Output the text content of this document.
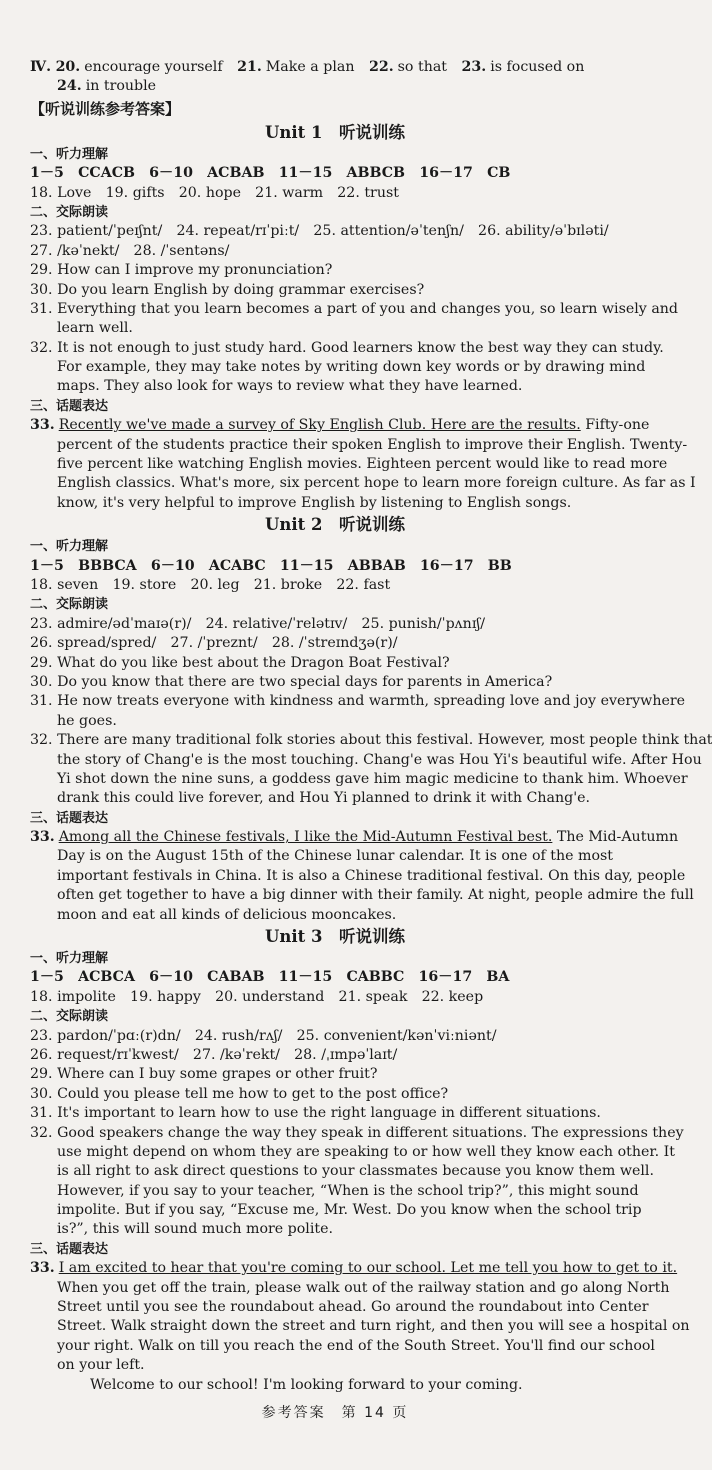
Ⅳ. 20. encourage yourself 21. Make a plan 22. so that 23. is focused on
24. in trouble
【听说训练参考答案】
Unit 1　听说训练
一、听力理解
1－5　CCACB　6－10　ACBAB　11－15　ABBCB　16－17　CB
18. Love　19. gifts　20. hope　21. warm　22. trust
二、交际朗读
23. patient/ˈpeɪʃnt/　24. repeat/rɪˈpiːt/　25. attention/əˈtenʃn/　26. ability/əˈbɪləti/
27. /kəˈnekt/　28. /ˈsentəns/
29. How can I improve my pronunciation?
30. Do you learn English by doing grammar exercises?
31. Everything that you learn becomes a part of you and changes you, so learn wisely and
learn well.
32. It is not enough to just study hard. Good learners know the best way they can study.
For example, they may take notes by writing down key words or by drawing mind
maps. They also look for ways to review what they have learned.
三、话题表达
33. Recently we've made a survey of Sky English Club. Here are the results. Fifty-one
percent of the students practice their spoken English to improve their English. Twenty-
five percent like watching English movies. Eighteen percent would like to read more
English classics. What's more, six percent hope to learn more foreign culture. As far as I
know, it's very helpful to improve English by listening to English songs.
Unit 2　听说训练
一、听力理解
1－5　BBBCA　6－10　ACABC　11－15　ABBAB　16－17　BB
18. seven　19. store　20. leg　21. broke　22. fast
二、交际朗读
23. admire/ədˈmaɪə(r)/　24. relative/ˈrelətɪv/　25. punish/ˈpʌnɪʃ/
26. spread/spred/　27. /ˈpreznt/　28. /ˈstreɪndʒə(r)/
29. What do you like best about the Dragon Boat Festival?
30. Do you know that there are two special days for parents in America?
31. He now treats everyone with kindness and warmth, spreading love and joy everywhere
he goes.
32. There are many traditional folk stories about this festival. However, most people think that
the story of Chang'e is the most touching. Chang'e was Hou Yi's beautiful wife. After Hou
Yi shot down the nine suns, a goddess gave him magic medicine to thank him. Whoever
drank this could live forever, and Hou Yi planned to drink it with Chang'e.
三、话题表达
33. Among all the Chinese festivals, I like the Mid-Autumn Festival best. The Mid-Autumn
Day is on the August 15th of the Chinese lunar calendar. It is one of the most
important festivals in China. It is also a Chinese traditional festival. On this day, people
often get together to have a big dinner with their family. At night, people admire the full
moon and eat all kinds of delicious mooncakes.
Unit 3　听说训练
一、听力理解
1－5　ACBCA　6－10　CABAB　11－15　CABBC　16－17　BA
18. impolite　19. happy　20. understand　21. speak　22. keep
二、交际朗读
23. pardon/ˈpɑː(r)dn/　24. rush/rʌʃ/　25. convenient/kənˈviːniənt/
26. request/rɪˈkwest/　27. /kəˈrekt/　28. /ˌɪmpəˈlaɪt/
29. Where can I buy some grapes or other fruit?
30. Could you please tell me how to get to the post office?
31. It's important to learn how to use the right language in different situations.
32. Good speakers change the way they speak in different situations. The expressions they
use might depend on whom they are speaking to or how well they know each other. It
is all right to ask direct questions to your classmates because you know them well.
However, if you say to your teacher, “When is the school trip?”, this might sound
impolite. But if you say, “Excuse me, Mr. West. Do you know when the school trip
is?”, this will sound much more polite.
三、话题表达
33. I am excited to hear that you're coming to our school. Let me tell you how to get to it.
When you get off the train, please walk out of the railway station and go along North
Street until you see the roundabout ahead. Go around the roundabout into Center
Street. Walk straight down the street and turn right, and then you will see a hospital on
your right. Walk on till you reach the end of the South Street. You'll find our school
on your left.
Welcome to our school! I'm looking forward to your coming.
参考答案　第 14 页
